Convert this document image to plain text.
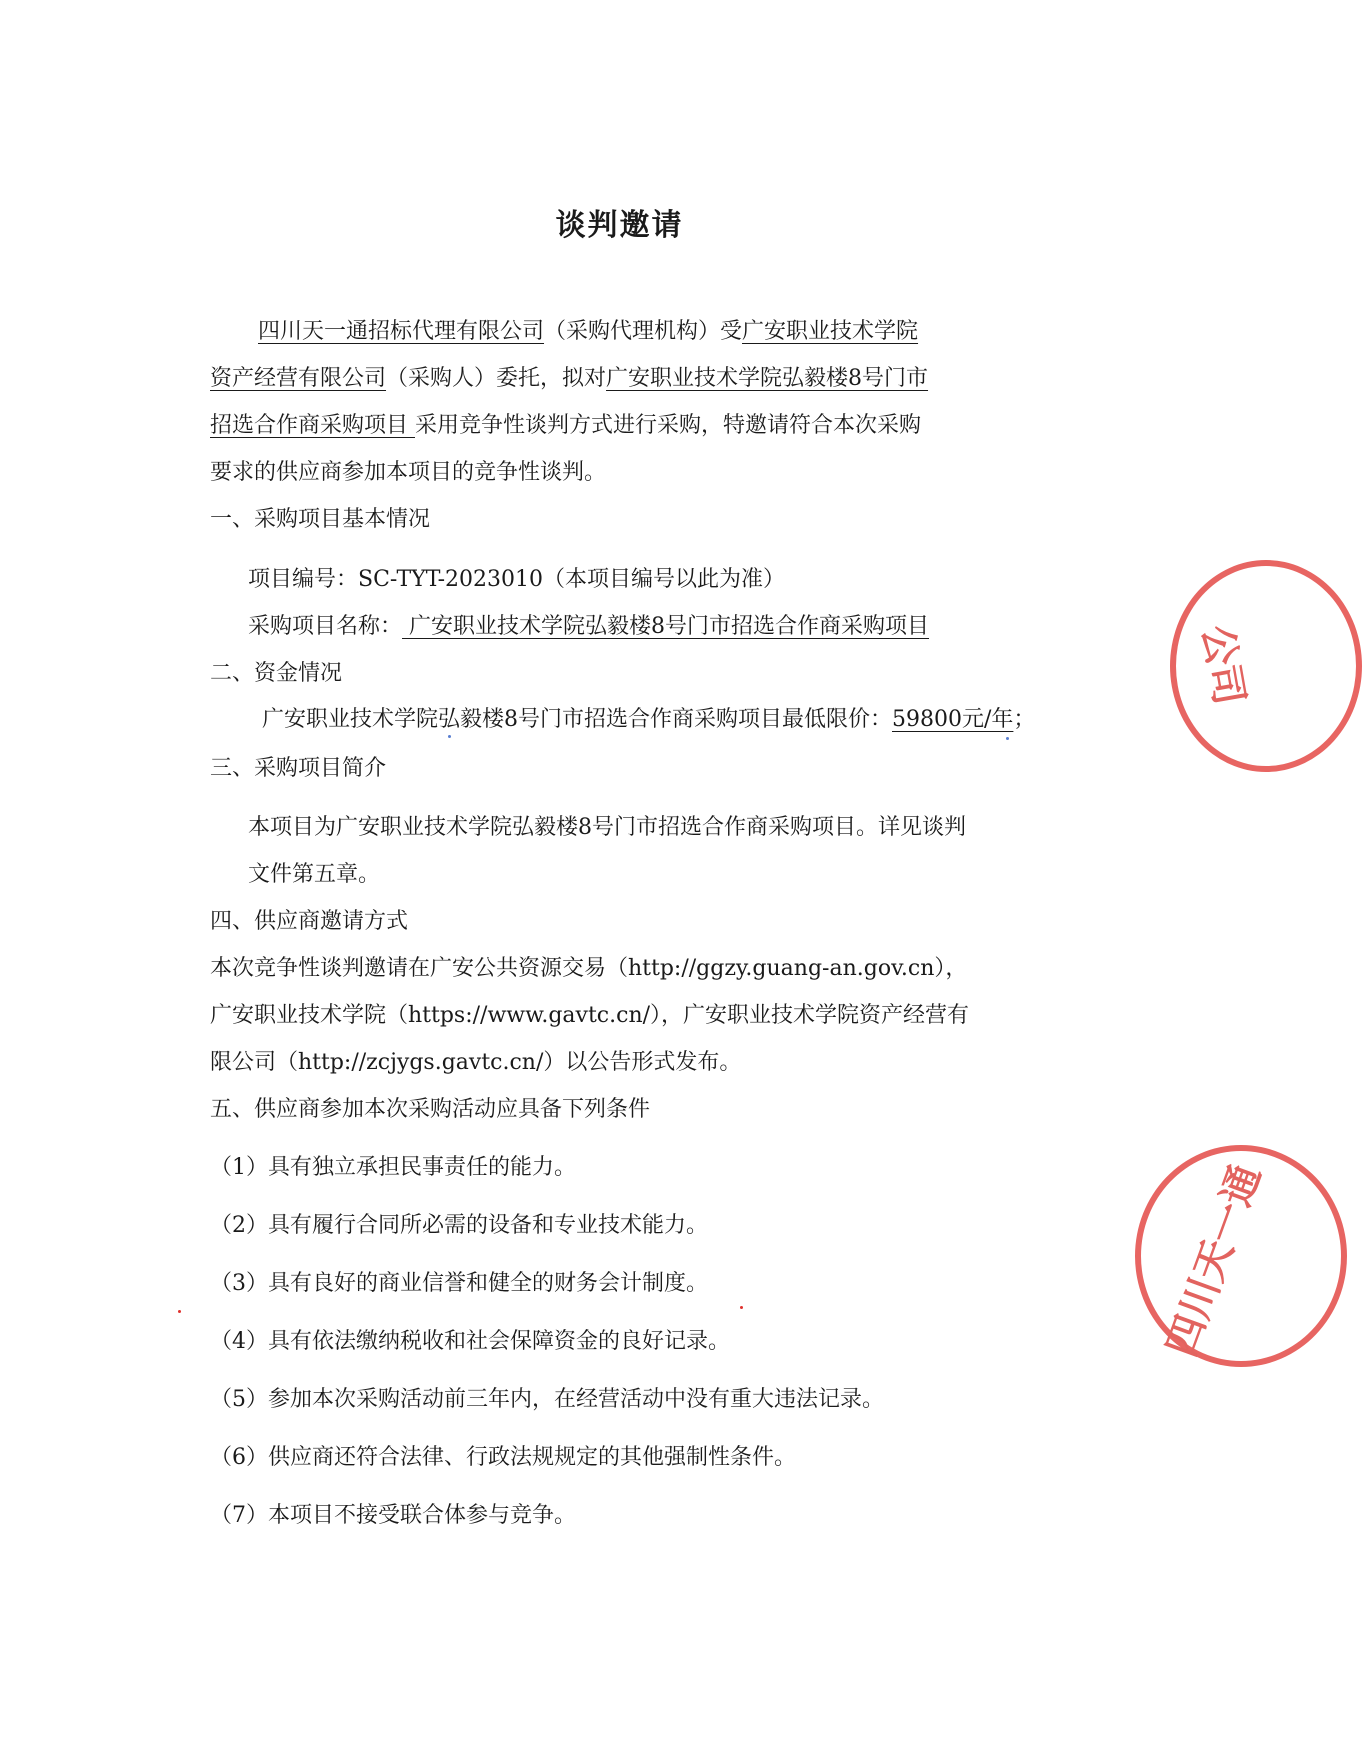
谈判邀请
四川天一通招标代理有限公司（采购代理机构）受广安职业技术学院
资产经营有限公司（采购人）委托，拟对广安职业技术学院弘毅楼8号门市
招选合作商采购项目 采用竞争性谈判方式进行采购，特邀请符合本次采购
要求的供应商参加本项目的竞争性谈判。
一、采购项目基本情况
项目编号：SC-TYT-2023010（本项目编号以此为准）
采购项目名称： 广安职业技术学院弘毅楼8号门市招选合作商采购项目
二、资金情况
广安职业技术学院弘毅楼8号门市招选合作商采购项目最低限价：59800元/年；
三、采购项目简介
本项目为广安职业技术学院弘毅楼8号门市招选合作商采购项目。详见谈判
文件第五章。
四、供应商邀请方式
本次竞争性谈判邀请在广安公共资源交易（http://ggzy.guang-an.gov.cn），
广安职业技术学院（https://www.gavtc.cn/），广安职业技术学院资产经营有
限公司（http://zcjygs.gavtc.cn/）以公告形式发布。
五、供应商参加本次采购活动应具备下列条件
（1）具有独立承担民事责任的能力。
（2）具有履行合同所必需的设备和专业技术能力。
（3）具有良好的商业信誉和健全的财务会计制度。
（4）具有依法缴纳税收和社会保障资金的良好记录。
（5）参加本次采购活动前三年内，在经营活动中没有重大违法记录。
（6）供应商还符合法律、行政法规规定的其他强制性条件。
（7）本项目不接受联合体参与竞争。
公司
四川天一通
